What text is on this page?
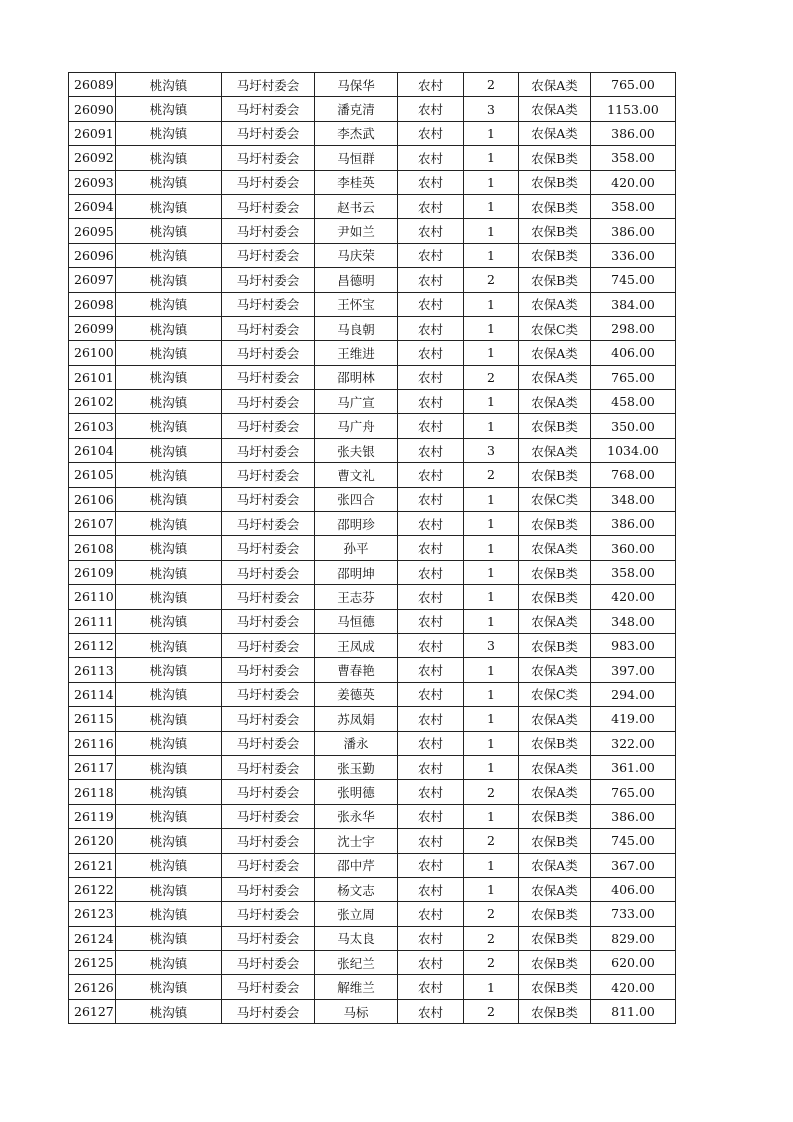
26089	桃沟镇	马圩村委会	马保华	农村	2	农保A类	765.00
26090	桃沟镇	马圩村委会	潘克清	农村	3	农保A类	1153.00
26091	桃沟镇	马圩村委会	李杰武	农村	1	农保A类	386.00
26092	桃沟镇	马圩村委会	马恒群	农村	1	农保B类	358.00
26093	桃沟镇	马圩村委会	李桂英	农村	1	农保B类	420.00
26094	桃沟镇	马圩村委会	赵书云	农村	1	农保B类	358.00
26095	桃沟镇	马圩村委会	尹如兰	农村	1	农保B类	386.00
26096	桃沟镇	马圩村委会	马庆荣	农村	1	农保B类	336.00
26097	桃沟镇	马圩村委会	昌德明	农村	2	农保B类	745.00
26098	桃沟镇	马圩村委会	王怀宝	农村	1	农保A类	384.00
26099	桃沟镇	马圩村委会	马良朝	农村	1	农保C类	298.00
26100	桃沟镇	马圩村委会	王维进	农村	1	农保A类	406.00
26101	桃沟镇	马圩村委会	邵明林	农村	2	农保A类	765.00
26102	桃沟镇	马圩村委会	马广宣	农村	1	农保A类	458.00
26103	桃沟镇	马圩村委会	马广舟	农村	1	农保B类	350.00
26104	桃沟镇	马圩村委会	张夫银	农村	3	农保A类	1034.00
26105	桃沟镇	马圩村委会	曹文礼	农村	2	农保B类	768.00
26106	桃沟镇	马圩村委会	张四合	农村	1	农保C类	348.00
26107	桃沟镇	马圩村委会	邵明珍	农村	1	农保B类	386.00
26108	桃沟镇	马圩村委会	孙平	农村	1	农保A类	360.00
26109	桃沟镇	马圩村委会	邵明坤	农村	1	农保B类	358.00
26110	桃沟镇	马圩村委会	王志芬	农村	1	农保B类	420.00
26111	桃沟镇	马圩村委会	马恒德	农村	1	农保A类	348.00
26112	桃沟镇	马圩村委会	王凤成	农村	3	农保B类	983.00
26113	桃沟镇	马圩村委会	曹春艳	农村	1	农保A类	397.00
26114	桃沟镇	马圩村委会	姜德英	农村	1	农保C类	294.00
26115	桃沟镇	马圩村委会	苏凤娟	农村	1	农保A类	419.00
26116	桃沟镇	马圩村委会	潘永	农村	1	农保B类	322.00
26117	桃沟镇	马圩村委会	张玉勤	农村	1	农保A类	361.00
26118	桃沟镇	马圩村委会	张明德	农村	2	农保A类	765.00
26119	桃沟镇	马圩村委会	张永华	农村	1	农保B类	386.00
26120	桃沟镇	马圩村委会	沈士宇	农村	2	农保B类	745.00
26121	桃沟镇	马圩村委会	邵中芹	农村	1	农保A类	367.00
26122	桃沟镇	马圩村委会	杨文志	农村	1	农保A类	406.00
26123	桃沟镇	马圩村委会	张立周	农村	2	农保B类	733.00
26124	桃沟镇	马圩村委会	马太良	农村	2	农保B类	829.00
26125	桃沟镇	马圩村委会	张纪兰	农村	2	农保B类	620.00
26126	桃沟镇	马圩村委会	解维兰	农村	1	农保B类	420.00
26127	桃沟镇	马圩村委会	马标	农村	2	农保B类	811.00
